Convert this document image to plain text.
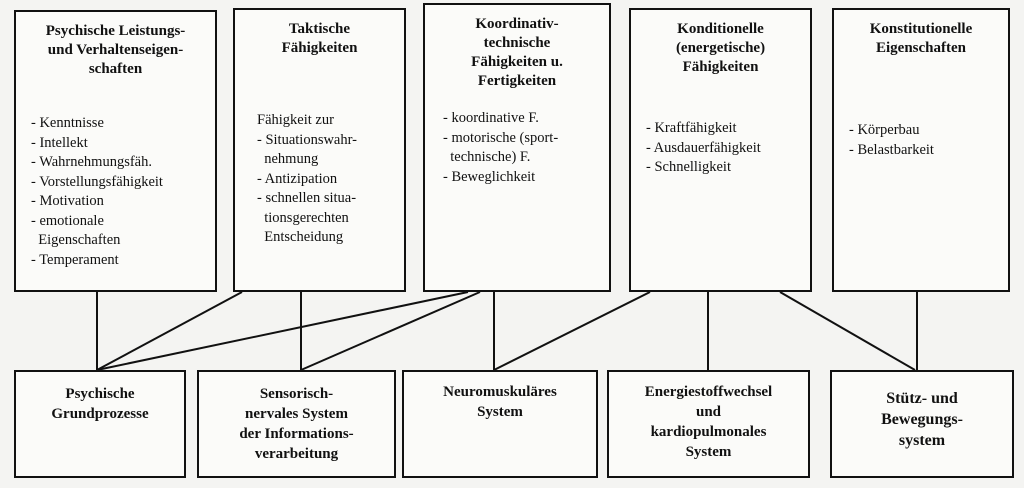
Psychische Leistungs-
und Verhaltenseigen-
schaften
- Kenntnisse
- Intellekt
- Wahrnehmungsfäh.
- Vorstellungsfähigkeit
- Motivation
- emotionale
Eigenschaften
- Temperament
Taktische
Fähigkeiten
Fähigkeit zur
- Situationswahr-
nehmung
- Antizipation
- schnellen situa-
tionsgerechten
Entscheidung
Koordinativ-
technische
Fähigkeiten u.
Fertigkeiten
- koordinative F.
- motorische (sport-
technische) F.
- Beweglichkeit
Konditionelle
(energetische)
Fähigkeiten
- Kraftfähigkeit
- Ausdauerfähigkeit
- Schnelligkeit
Konstitutionelle
Eigenschaften
- Körperbau
- Belastbarkeit
Psychische
Grundprozesse
Sensorisch-
nervales System
der Informations-
verarbeitung
Neuromuskuläres
System
Energiestoffwechsel
und
kardiopulmonales
System
Stütz- und
Bewegungs-
system
